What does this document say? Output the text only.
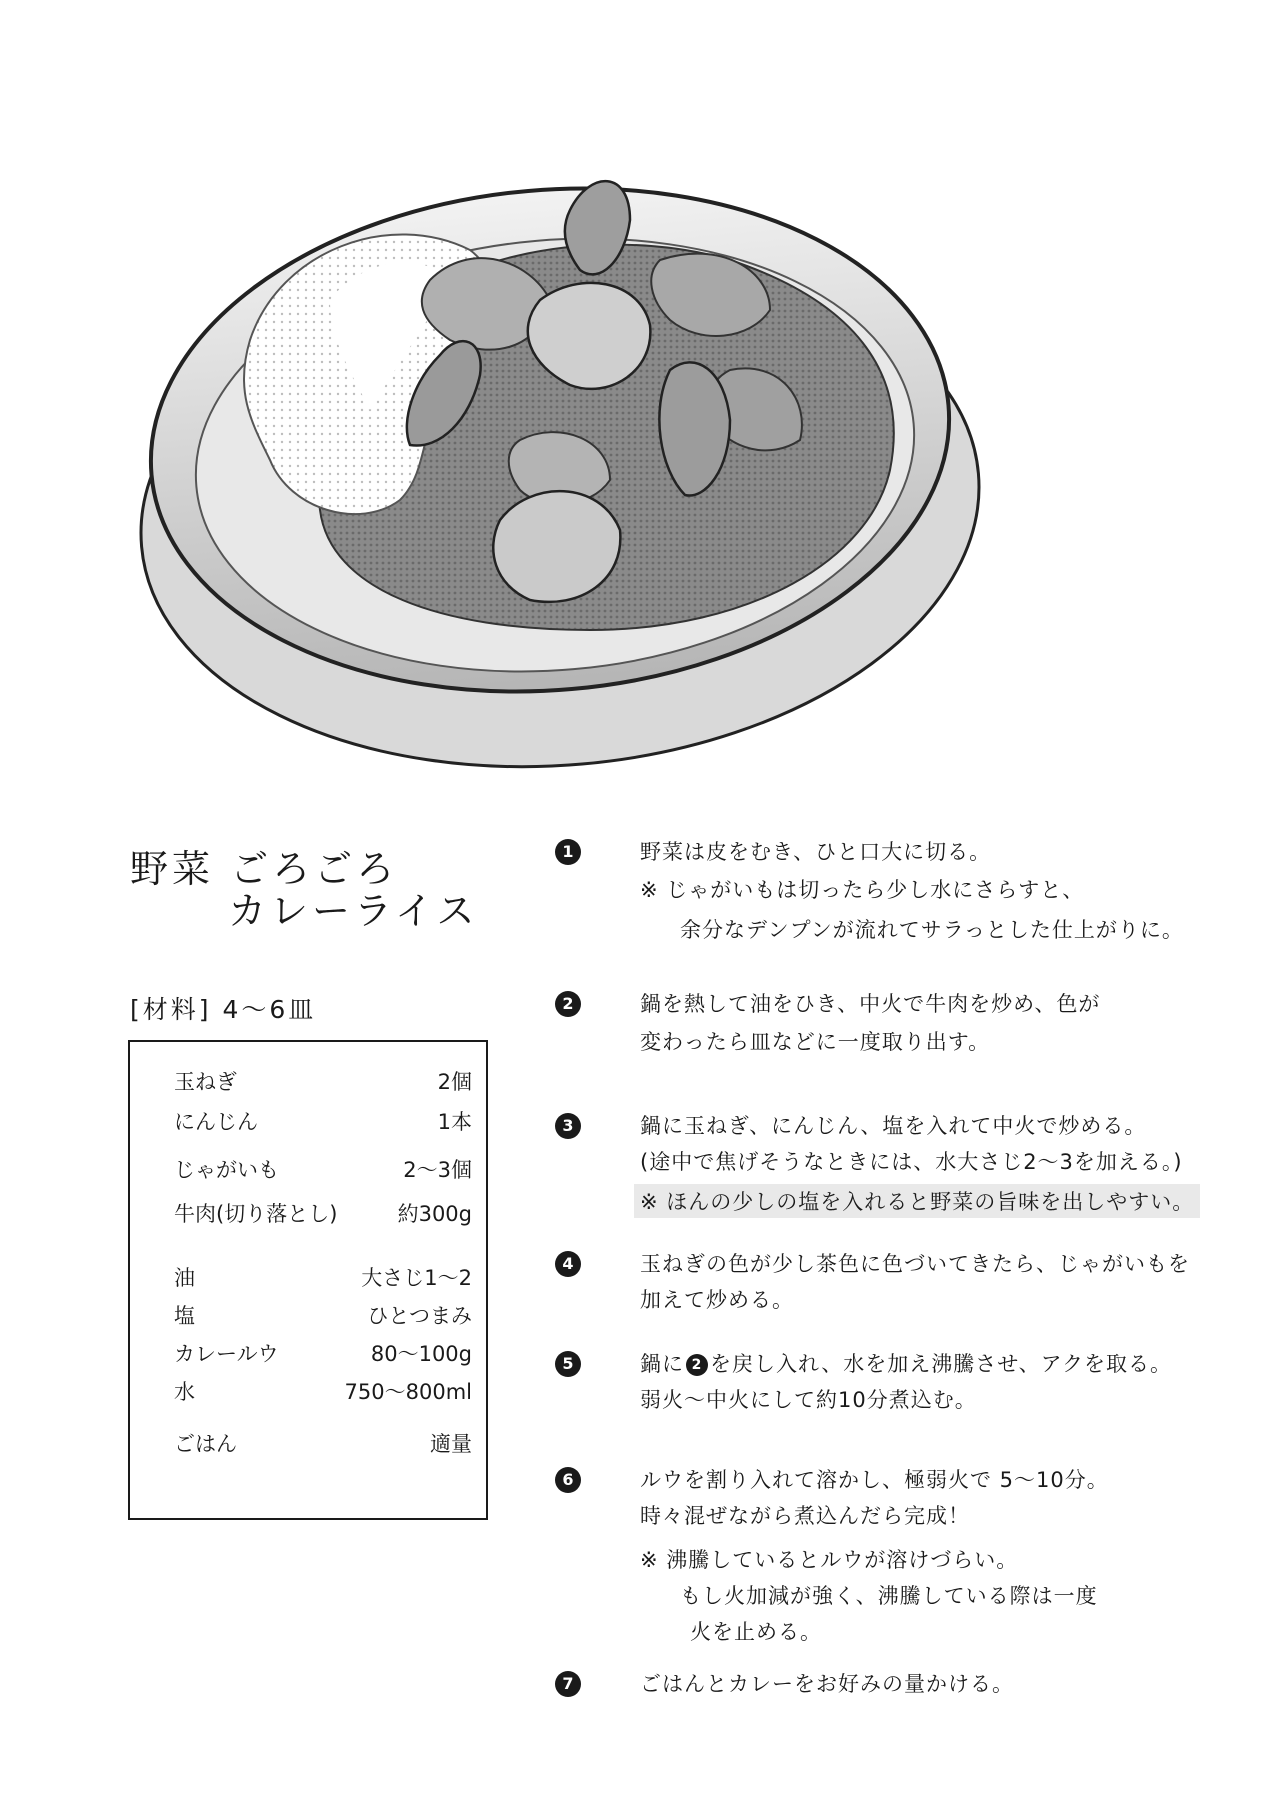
野菜 ごろごろ
カレーライス
[材料] 4～6皿
玉ねぎ	2個
にんじん	1本
じゃがいも	2～3個
牛肉(切り落とし)	約300g
油	大さじ1～2
塩	ひとつまみ
カレールウ	80～100g
水	750～800ml
ごはん	適量
1	野菜は皮をむき、ひと口大に切る。
※ じゃがいもは切ったら少し水にさらすと、
余分なデンプンが流れてサラっとした仕上がりに。
2	鍋を熱して油をひき、中火で牛肉を炒め、色が
変わったら皿などに一度取り出す。
3	鍋に玉ねぎ、にんじん、塩を入れて中火で炒める。
(途中で焦げそうなときには、水大さじ2～3を加える。)
※ ほんの少しの塩を入れると野菜の旨味を出しやすい。
4	玉ねぎの色が少し茶色に色づいてきたら、じゃがいもを
加えて炒める。
5	鍋に 2 を戻し入れ、水を加え沸騰させ、アクを取る。
弱火～中火にして約10分煮込む。
6	ルウを割り入れて溶かし、極弱火で 5～10分。
時々混ぜながら煮込んだら完成！
※ 沸騰しているとルウが溶けづらい。
もし火加減が強く、沸騰している際は一度
火を止める。
7	ごはんとカレーをお好みの量かける。
